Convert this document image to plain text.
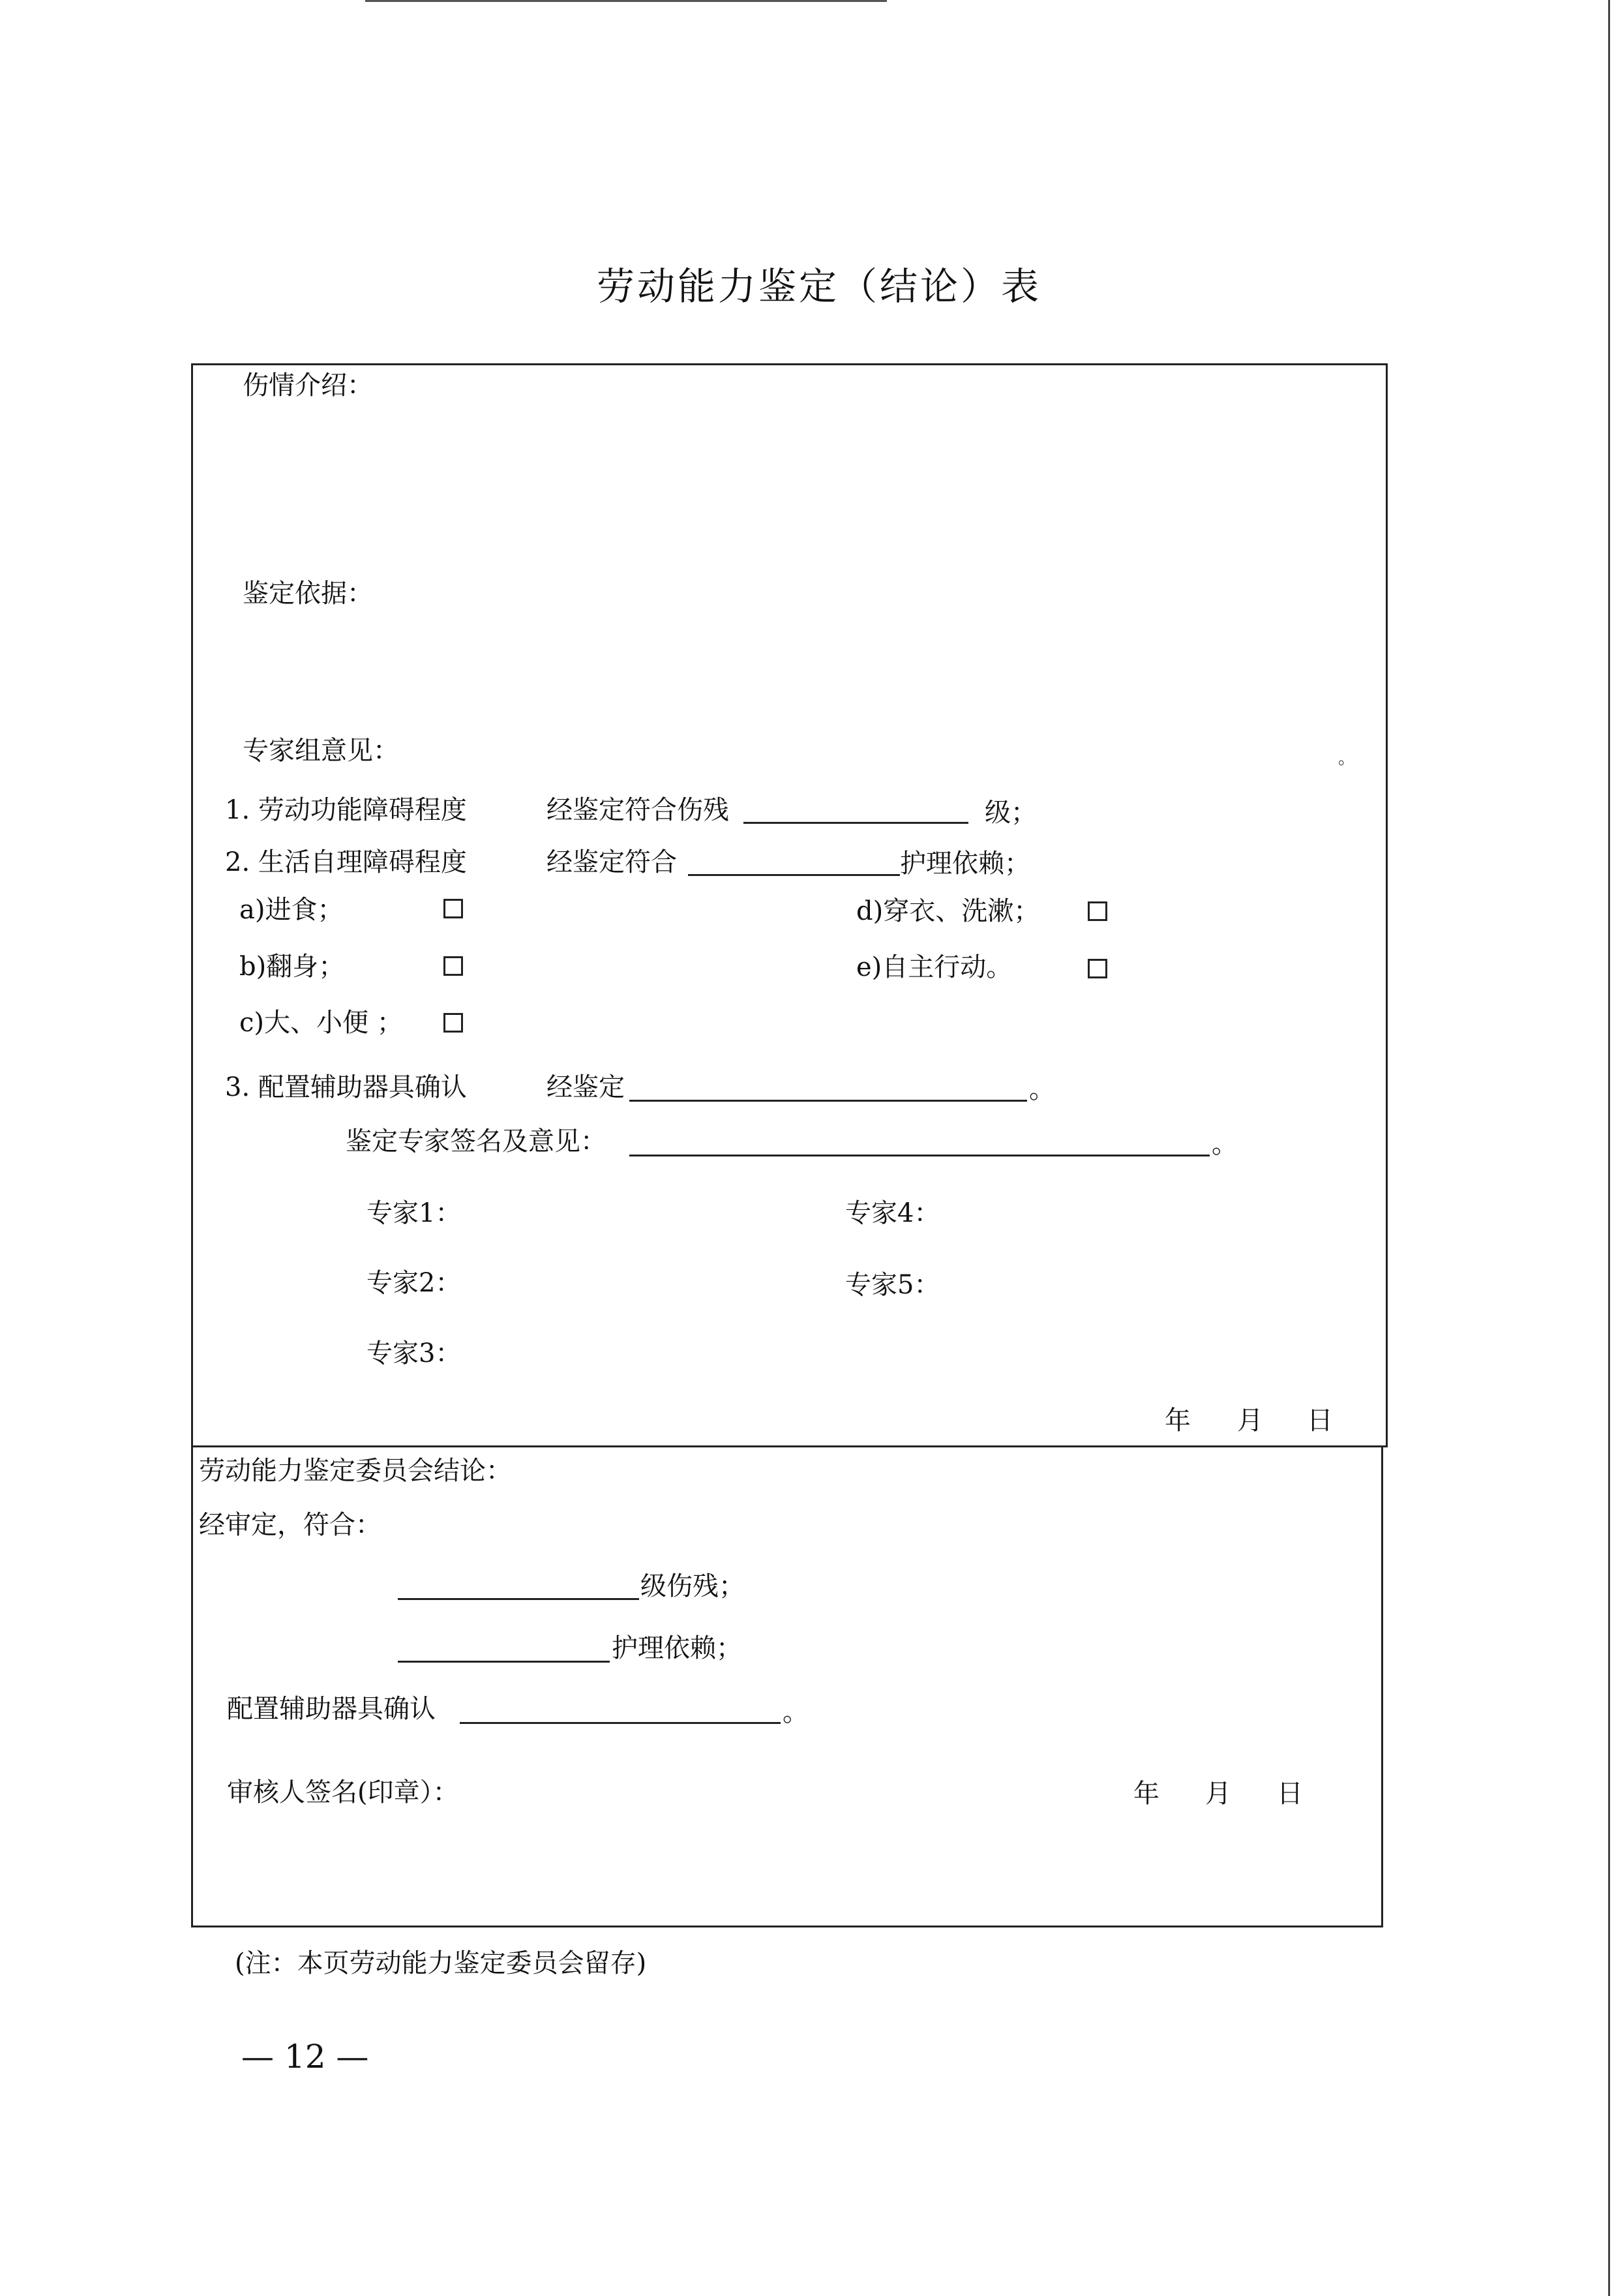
劳动能力鉴定（结论）表
伤情介绍：
鉴定依据：
专家组意见：	。
1. 劳动功能障碍程度	经鉴定符合伤残	级；
2. 生活自理障碍程度	经鉴定符合	护理依赖；
a)进食；	d)穿衣、洗漱；
b)翻身；	e)自主行动。
c)大、小便 ；
3. 配置辅助器具确认	经鉴定	。
鉴定专家签名及意见：	。
专家1：
专家2：
专家3：
专家4：
专家5：
年 月 日
劳动能力鉴定委员会结论：
经审定，符合：
级伤残；
护理依赖；
配置辅助器具确认	。
审核人签名(印章）：	年 月 日
(注：本页劳动能力鉴定委员会留存)
— 12 —
